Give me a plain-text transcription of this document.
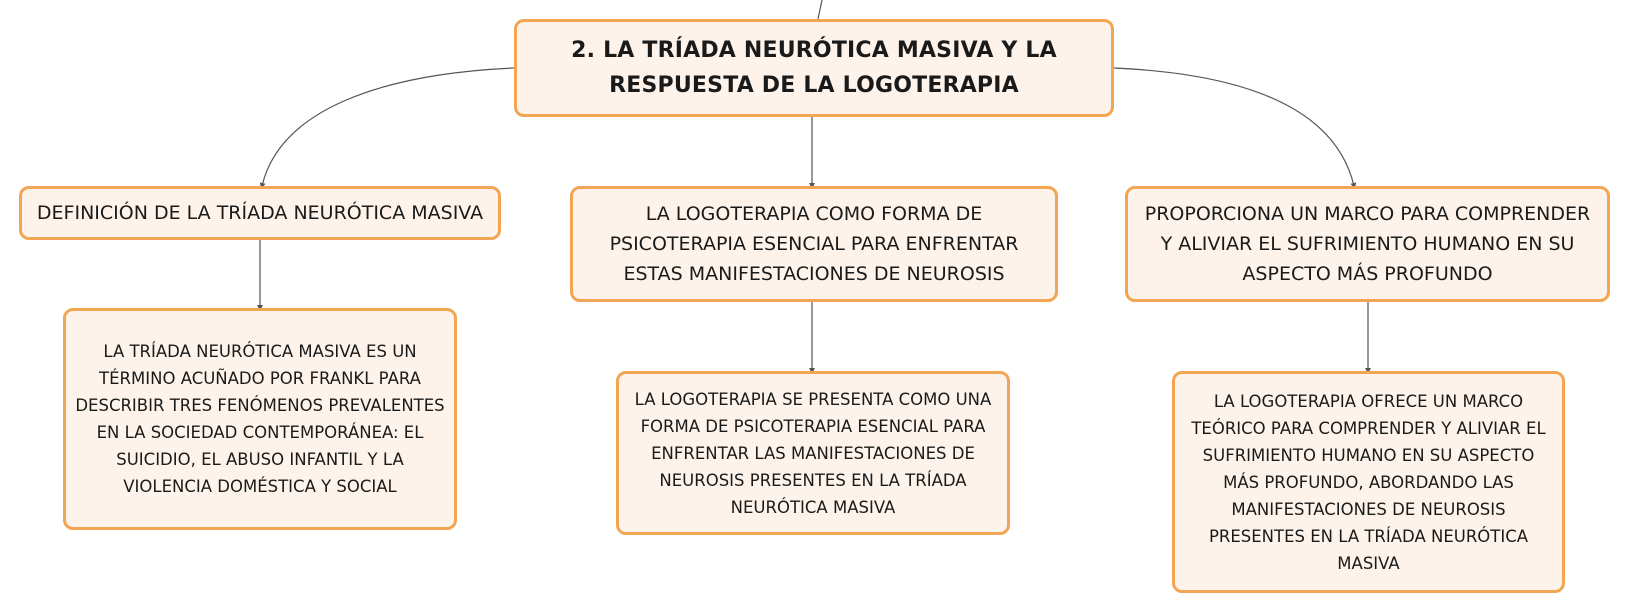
2. LA TRÍADA NEURÓTICA MASIVA Y LA RESPUESTA DE LA LOGOTERAPIA
DEFINICIÓN DE LA TRÍADA NEURÓTICA MASIVA	LA LOGOTERAPIA COMO FORMA DE PSICOTERAPIA ESENCIAL PARA ENFRENTAR ESTAS MANIFESTACIONES DE NEUROSIS
PROPORCIONA UN MARCO PARA COMPRENDER Y ALIVIAR EL SUFRIMIENTO HUMANO EN SU ASPECTO MÁS PROFUNDO
LA TRÍADA NEURÓTICA MASIVA ES UN TÉRMINO ACUÑADO POR FRANKL PARA DESCRIBIR TRES FENÓMENOS PREVALENTES EN LA SOCIEDAD CONTEMPORÁNEA: EL SUICIDIO, EL ABUSO INFANTIL Y LA VIOLENCIA DOMÉSTICA Y SOCIAL
LA LOGOTERAPIA SE PRESENTA COMO UNA FORMA DE PSICOTERAPIA ESENCIAL PARA ENFRENTAR LAS MANIFESTACIONES DE NEUROSIS PRESENTES EN LA TRÍADA NEURÓTICA MASIVA
LA LOGOTERAPIA OFRECE UN MARCO TEÓRICO PARA COMPRENDER Y ALIVIAR EL SUFRIMIENTO HUMANO EN SU ASPECTO MÁS PROFUNDO, ABORDANDO LAS MANIFESTACIONES DE NEUROSIS PRESENTES EN LA TRÍADA NEURÓTICA MASIVA
